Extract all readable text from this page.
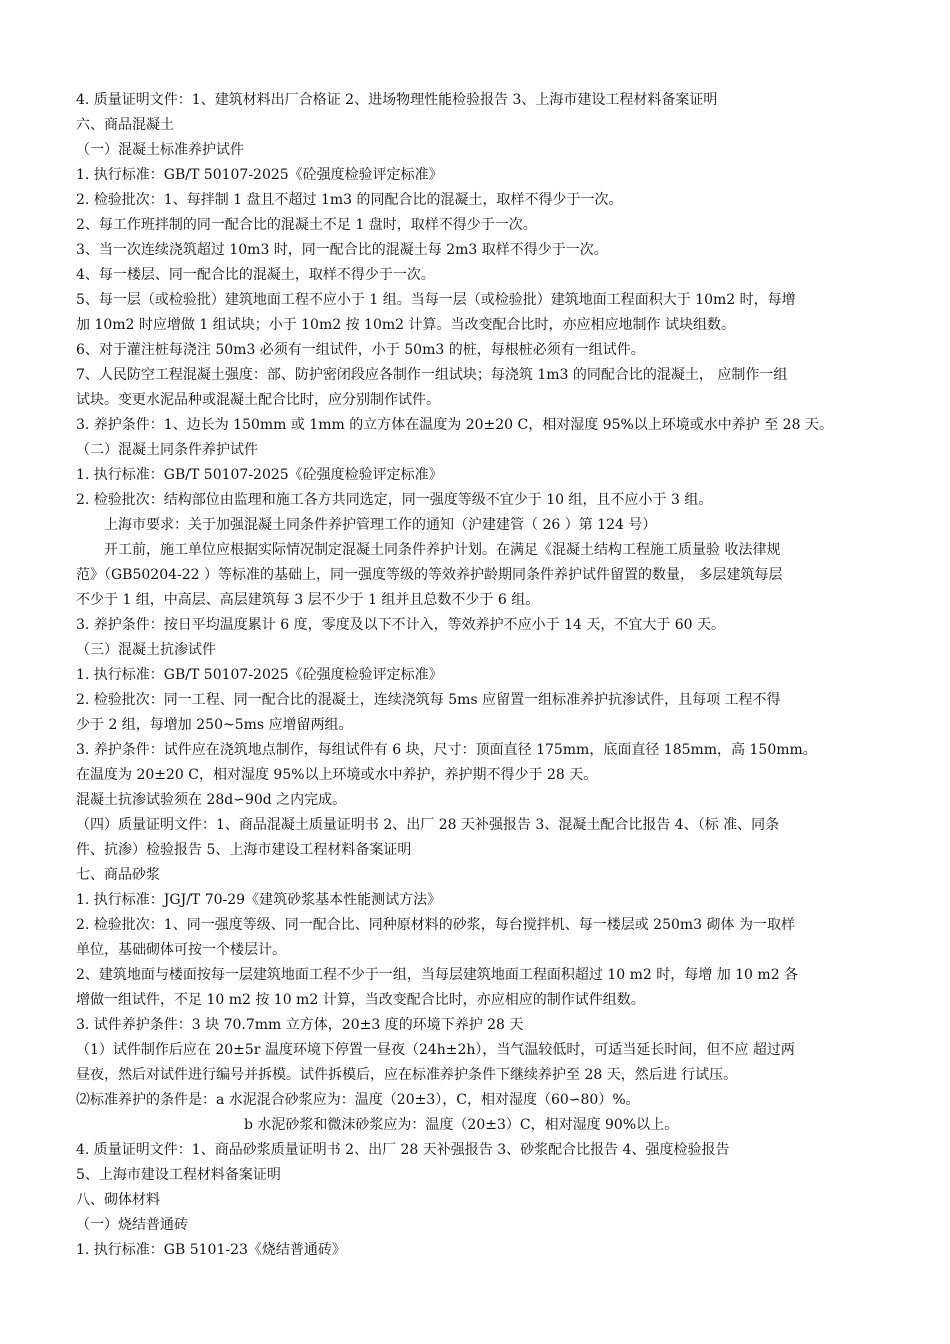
4. 质量证明文件：1、建筑材料出厂合格证 2、进场物理性能检验报告 3、上海市建设工程材料备案证明
六、商品混凝土
（一）混凝土标准养护试件
1. 执行标准：GB/T 50107-2025《砼强度检验评定标准》
2. 检验批次：1、每拌制 1 盘且不超过 1m3 的同配合比的混凝土，取样不得少于一次。
2、每工作班拌制的同一配合比的混凝土不足 1 盘时，取样不得少于一次。
3、当一次连续浇筑超过 10m3 时，同一配合比的混凝土每 2m3 取样不得少于一次。
4、每一楼层、同一配合比的混凝土，取样不得少于一次。
5、每一层（或检验批）建筑地面工程不应小于 1 组。当每一层（或检验批）建筑地面工程面积大于 10m2 时，每增
加 10m2 时应增做 1 组试块；小于 10m2 按 10m2 计算。当改变配合比时，亦应相应地制作 试块组数。
6、对于灌注桩每浇注 50m3 必须有一组试件，小于 50m3 的桩，每根桩必须有一组试件。
7、人民防空工程混凝土强度：部、防护密闭段应各制作一组试块；每浇筑 1m3 的同配合比的混凝土， 应制作一组
试块。变更水泥品种或混凝土配合比时，应分别制作试件。
3. 养护条件：1、边长为 150mm 或 1mm 的立方体在温度为 20±20 C，相对湿度 95%以上环境或水中养护 至 28 天。
（二）混凝土同条件养护试件
1. 执行标准：GB/T 50107-2025《砼强度检验评定标准》
2. 检验批次：结构部位由监理和施工各方共同选定，同一强度等级不宜少于 10 组，且不应小于 3 组。
上海市要求：关于加强混凝土同条件养护管理工作的通知（沪建建管（ 26 ）第 124 号）
开工前，施工单位应根据实际情况制定混凝土同条件养护计划。在满足《混凝土结构工程施工质量验 收法律规
范》（GB50204-22 ）等标准的基础上，同一强度等级的等效养护龄期同条件养护试件留置的数量， 多层建筑每层
不少于 1 组，中高层、高层建筑每 3 层不少于 1 组并且总数不少于 6 组。
3. 养护条件：按日平均温度累计 6 度，零度及以下不计入，等效养护不应小于 14 天，不宜大于 60 天。
（三）混凝土抗渗试件
1. 执行标准：GB/T 50107-2025《砼强度检验评定标准》
2. 检验批次：同一工程、同一配合比的混凝土，连续浇筑每 5ms 应留置一组标准养护抗渗试件，且每项 工程不得
少于 2 组，每增加 250~5ms 应增留两组。
3. 养护条件：试件应在浇筑地点制作，每组试件有 6 块，尺寸：顶面直径 175mm，底面直径 185mm，高 150mm。
在温度为 20±20 C，相对湿度 95%以上环境或水中养护，养护期不得少于 28 天。
混凝土抗渗试验须在 28d∽90d 之内完成。
（四）质量证明文件：1、商品混凝土质量证明书 2、出厂 28 天补强报告 3、混凝土配合比报告 4、（标 准、同条
件、抗渗）检验报告 5、上海市建设工程材料备案证明
七、商品砂浆
1. 执行标准：JGJ/T 70-29《建筑砂浆基本性能测试方法》
2. 检验批次：1、同一强度等级、同一配合比、同种原材料的砂浆，每台搅拌机、每一楼层或 250m3 砌体 为一取样
单位，基础砌体可按一个楼层计。
2、建筑地面与楼面按每一层建筑地面工程不少于一组，当每层建筑地面工程面积超过 10 m2 时，每增 加 10 m2 各
增做一组试件，不足 10 m2 按 10 m2 计算，当改变配合比时，亦应相应的制作试件组数。
3. 试件养护条件：3 块 70.7mm 立方体，20±3 度的环境下养护 28 天
（1）试件制作后应在 20±5r 温度环境下停置一昼夜（24h±2h），当气温较低时，可适当延长时间，但不应 超过两
昼夜，然后对试件进行编号并拆模。试件拆模后，应在标准养护条件下继续养护至 28 天，然后进 行试压。
⑵标准养护的条件是：a 水泥混合砂浆应为：温度（20±3），C，相对湿度（60∽80）%。
b 水泥砂浆和微沫砂浆应为：温度（20±3）C，相对湿度 90%以上。
4. 质量证明文件：1、商品砂浆质量证明书 2、出厂 28 天补强报告 3、砂浆配合比报告 4、强度检验报告
5、上海市建设工程材料备案证明
八、砌体材料
（一）烧结普通砖
1. 执行标准：GB 5101-23《烧结普通砖》
